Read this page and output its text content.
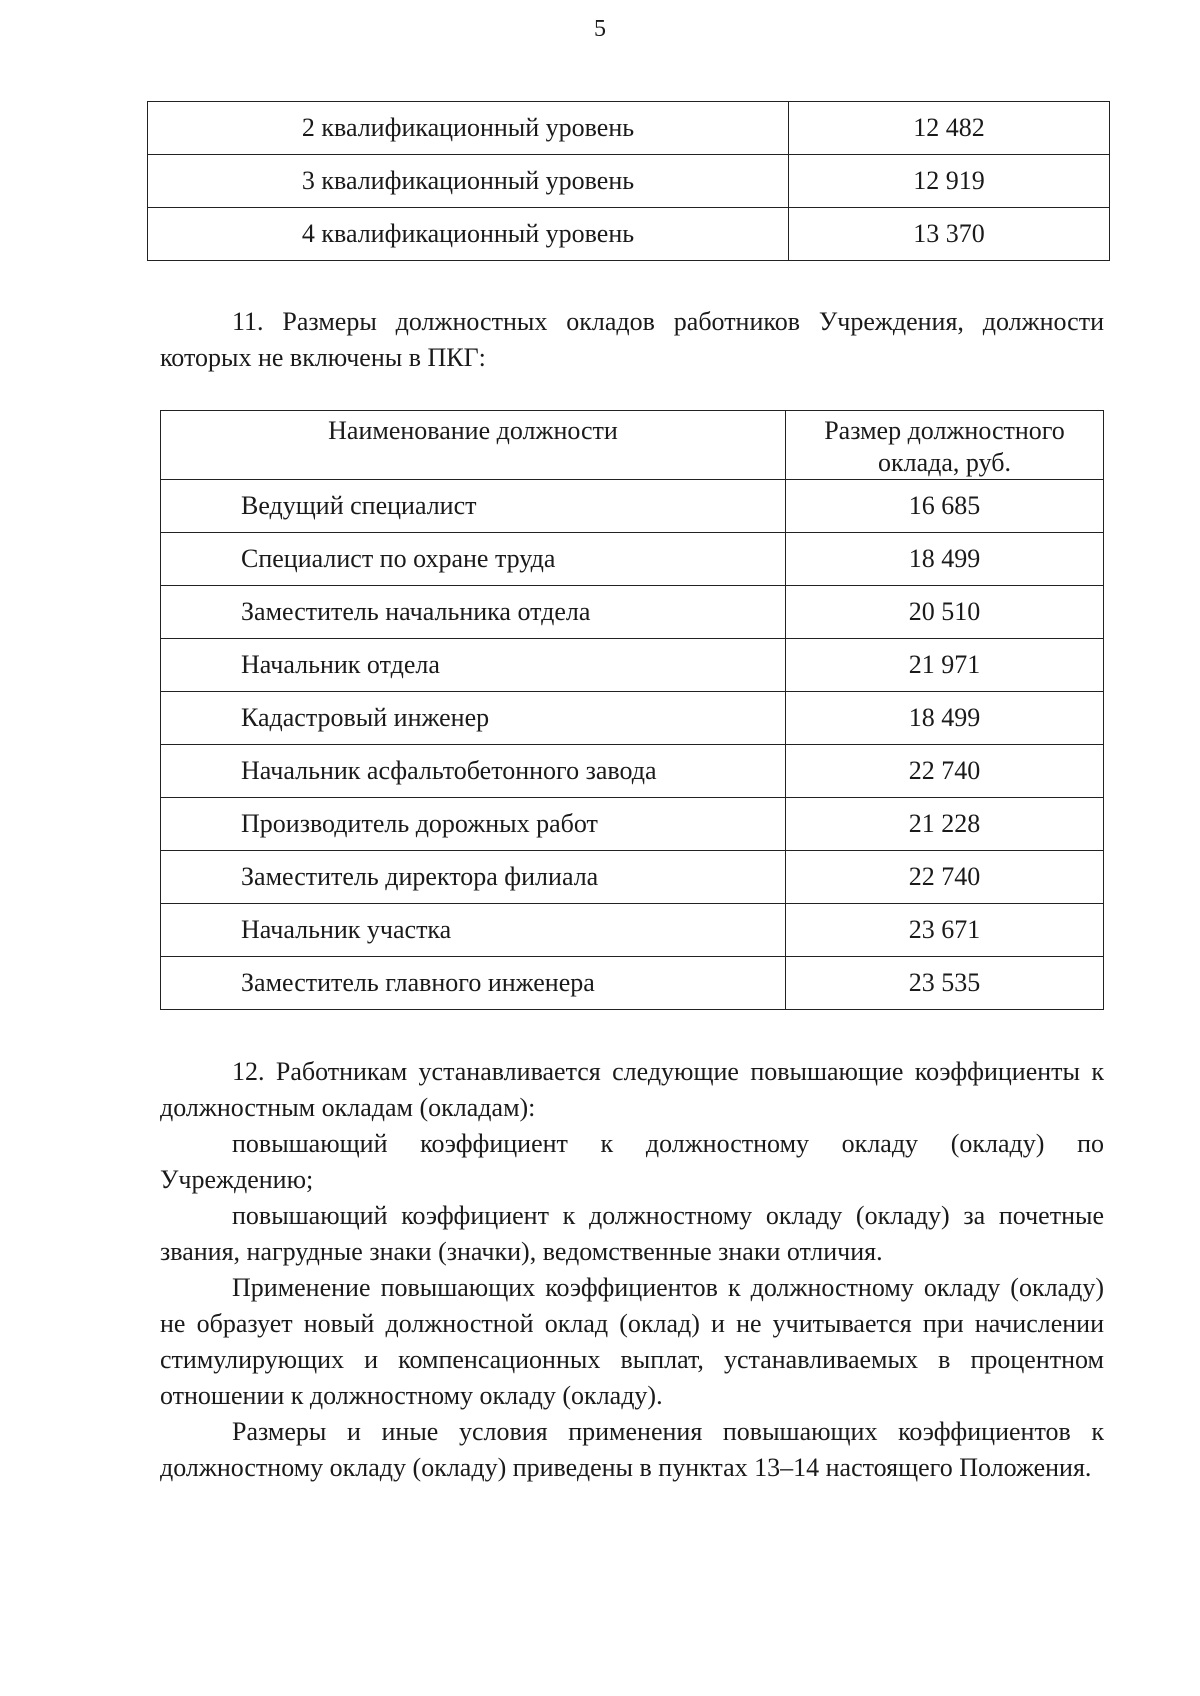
5
2 квалификационный уровень	12 482
3 квалификационный уровень	12 919
4 квалификационный уровень	13 370

11. Размеры должностных окладов работников Учреждения, должности которых не включены в ПКГ:

Наименование должности	Размер должностного
оклада, руб.
Ведущий специалист	16 685
Специалист по охране труда	18 499
Заместитель начальника отдела	20 510
Начальник отдела	21 971
Кадастровый инженер	18 499
Начальник асфальтобетонного завода	22 740
Производитель дорожных работ	21 228
Заместитель директора филиала	22 740
Начальник участка	23 671
Заместитель главного инженера	23 535
12. Работникам устанавливается следующие повышающие коэффициенты к должностным окладам (окладам):
повышающий коэффициент к должностному окладу (окладу) по Учреждению;
повышающий коэффициент к должностному окладу (окладу) за почетные звания, нагрудные знаки (значки), ведомственные знаки отличия.
Применение повышающих коэффициентов к должностному окладу (окладу) не образует новый должностной оклад (оклад) и не учитывается при начислении стимулирующих и компенсационных выплат, устанавливаемых в процентном отношении к должностному окладу (окладу).
Размеры и иные условия применения повышающих коэффициентов к должностному окладу (окладу) приведены в пунктах 13–14 настоящего Положения.
